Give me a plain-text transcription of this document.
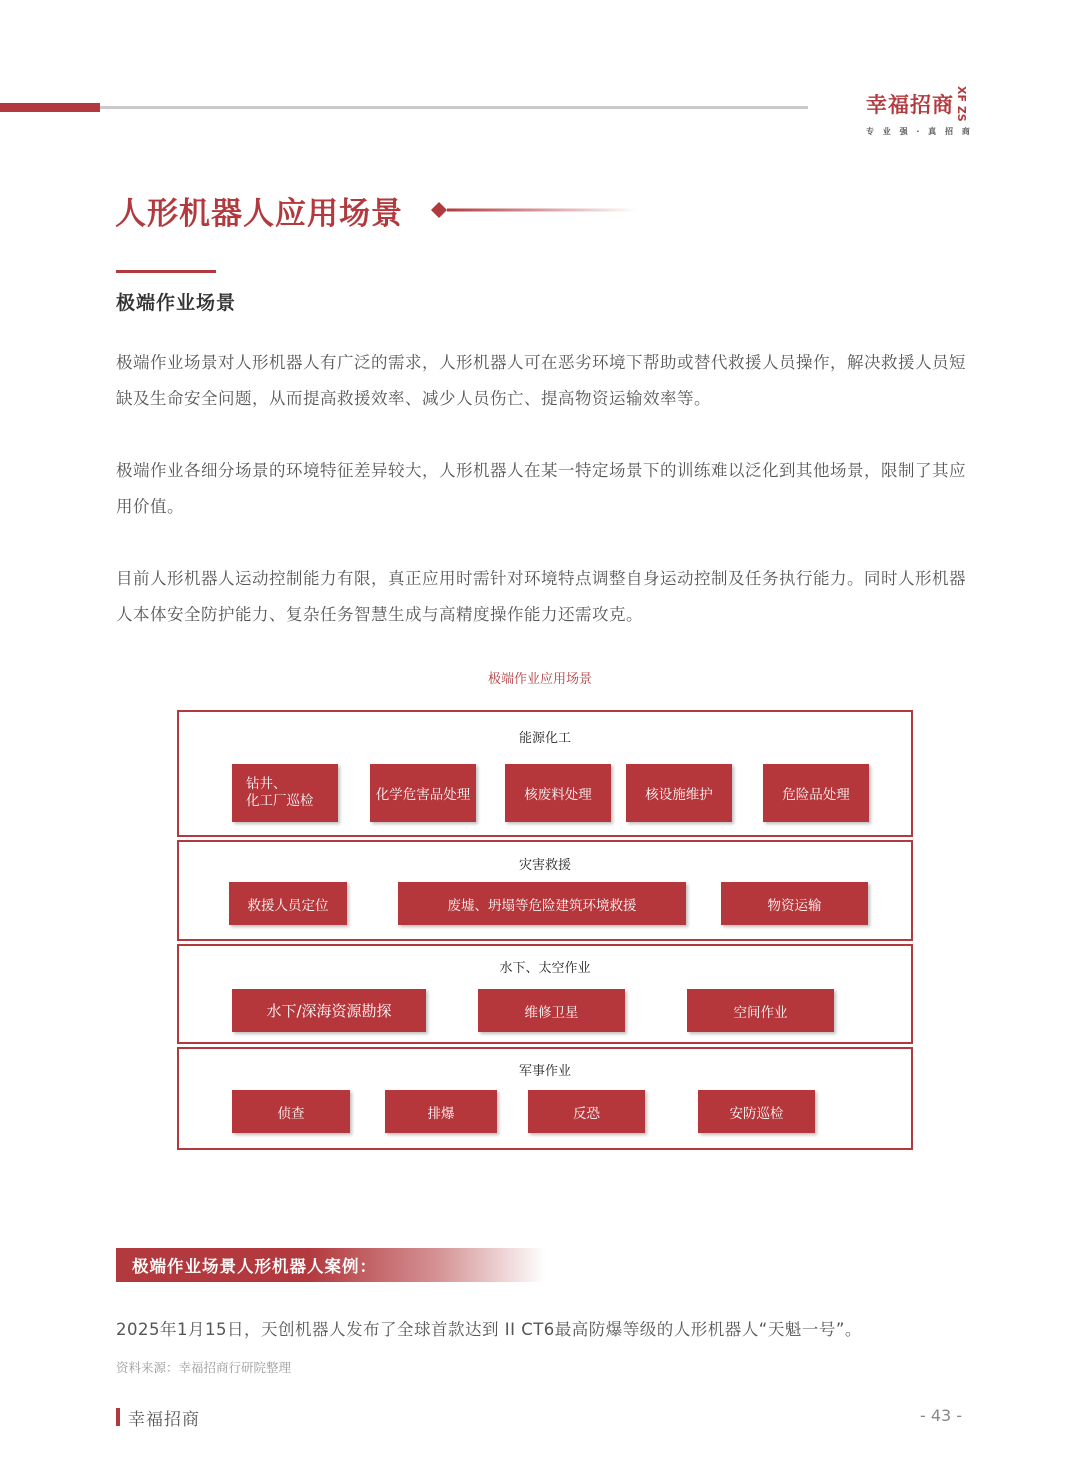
幸福招商 XF ZS
专 业 强 · 真 招 商
人形机器人应用场景
极端作业场景
极端作业场景对人形机器人有广泛的需求，人形机器人可在恶劣环境下帮助或替代救援人员操作，解决救援人员短缺及生命安全问题，从而提高救援效率、减少人员伤亡、提高物资运输效率等。
极端作业各细分场景的环境特征差异较大，人形机器人在某一特定场景下的训练难以泛化到其他场景，限制了其应用价值。
目前人形机器人运动控制能力有限，真正应用时需针对环境特点调整自身运动控制及任务执行能力。同时人形机器人本体安全防护能力、复杂任务智慧生成与高精度操作能力还需攻克。
极端作业应用场景
能源化工
钻井、
化工厂巡检	化学危害品处理	核废料处理	核设施维护	危险品处理
灾害救援
救援人员定位	废墟、坍塌等危险建筑环境救援	物资运输
水下、太空作业
水下/深海资源勘探	维修卫星	空间作业
军事作业
侦查	排爆	反恐	安防巡检
极端作业场景人形机器人案例：
2025年1月15日，天创机器人发布了全球首款达到 II CT6最高防爆等级的人形机器人“天魁一号”。
资料来源：幸福招商行研院整理
幸福招商	- 43 -
